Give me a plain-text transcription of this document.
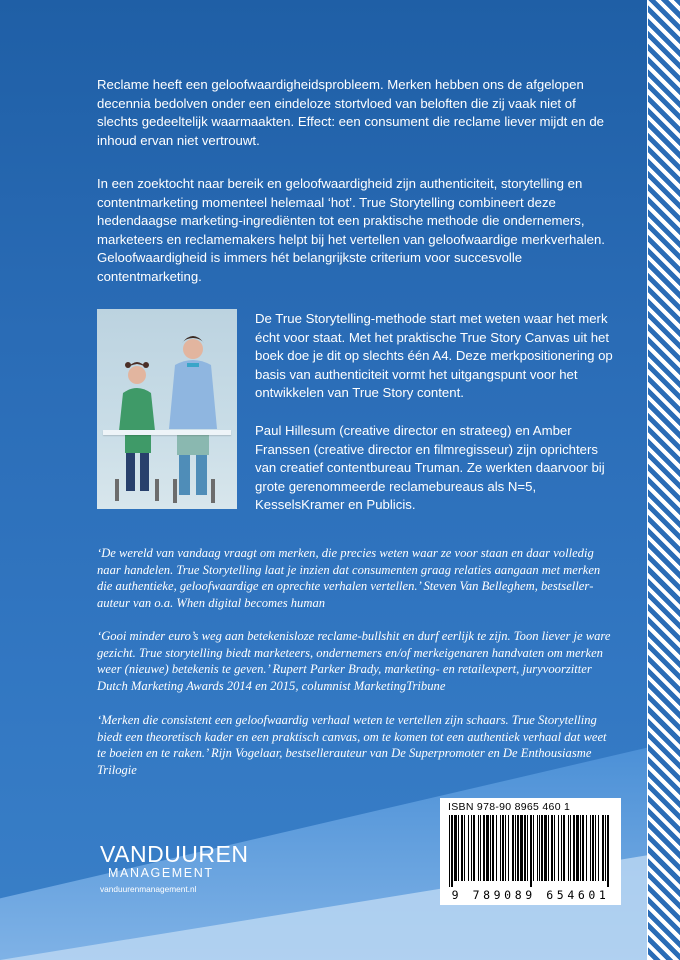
Reclame heeft een geloofwaardigheidsprobleem. Merken hebben ons de afgelopen decennia bedolven onder een eindeloze stortvloed van beloften die zij vaak niet of slechts gedeeltelijk waarmaakten. Effect: een consument die reclame liever mijdt en de inhoud ervan niet vertrouwt.

In een zoektocht naar bereik en geloofwaardigheid zijn authenticiteit, storytelling en contentmarketing momenteel helemaal ‘hot’. True Storytelling combineert deze hedendaagse marketing-ingrediënten tot een praktische methode die ondernemers, marketeers en reclamemakers helpt bij het vertellen van geloofwaardige merkverhalen. Geloofwaardigheid is immers hét belangrijkste criterium voor succesvolle contentmarketing.

De True Storytelling-methode start met weten waar het merk écht voor staat. Met het praktische True Story Canvas uit het boek doe je dit op slechts één A4. Deze merkpositionering op basis van authenticiteit vormt het uitgangspunt voor het ontwikkelen van True Story content.

Paul Hillesum (creative director en strateeg) en Amber Franssen (creative director en filmregisseur) zijn oprichters van creatief contentbureau Truman. Ze werkten daarvoor bij grote gerenommeerde reclamebureaus als N=5, KesselsKramer en Publicis.

‘De wereld van vandaag vraagt om merken, die precies weten waar ze voor staan en daar volledig naar handelen. True Storytelling laat je inzien dat consumenten graag relaties aangaan met merken die authentieke, geloofwaardige en oprechte verhalen vertellen.’ Steven Van Belleghem, bestsellerauteur van o.a. When digital becomes human

‘Gooi minder euro’s weg aan betekenisloze reclame-bullshit en durf eerlijk te zijn. Toon liever je ware gezicht. True storytelling biedt marketeers, ondernemers en/of merkeigenaren handvaten om merken weer (nieuwe) betekenis te geven.’ Rupert Parker Brady, marketing- en retailexpert, juryvoorzitter Dutch Marketing Awards 2014 en 2015, columnist MarketingTribune

‘Merken die consistent een geloofwaardig verhaal weten te vertellen zijn schaars. True Storytelling biedt een theoretisch kader en een praktisch canvas, om te komen tot een authentiek verhaal dat weet te boeien en te raken.’ Rijn Vogelaar, bestsellerauteur van De Superpromoter en De Enthousiasme Trilogie

VANDUUREN
MANAGEMENT
vanduurenmanagement.nl
ISBN 978-90 8965 460 1
9 789089 654601
